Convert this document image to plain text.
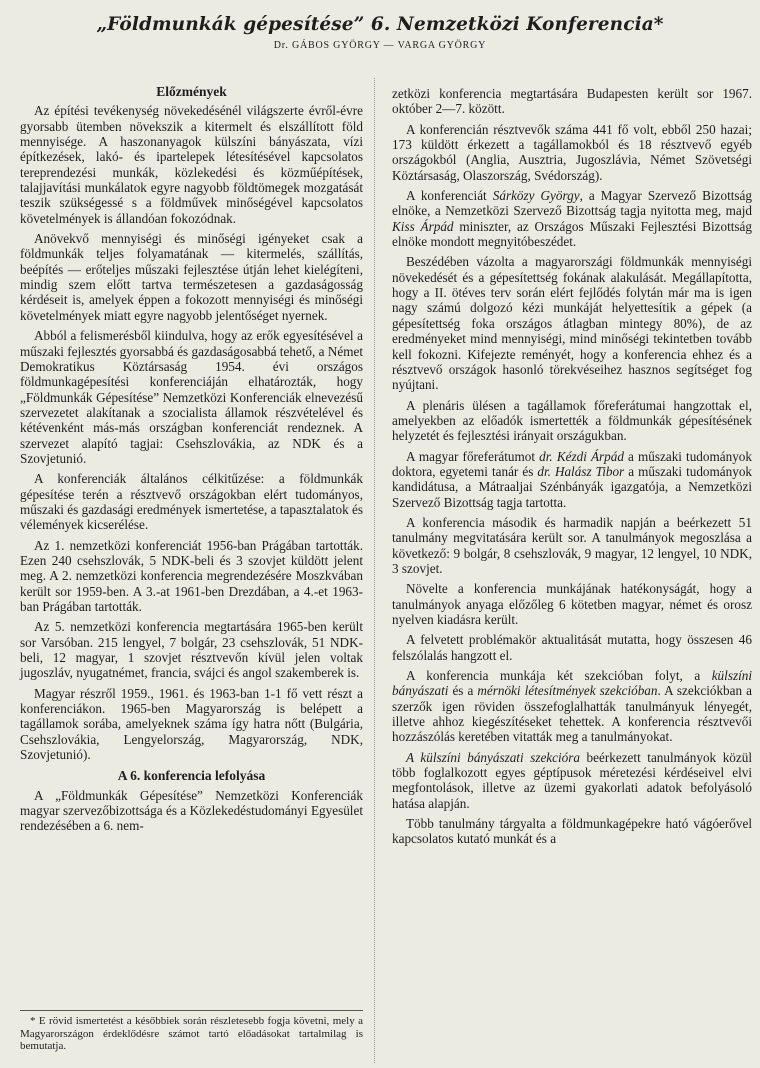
„Földmunkák gépesítése” 6. Nemzetközi Konferencia*
Dr. GÁBOS GYÖRGY — VARGA GYÖRGY
Előzmények

Az építési tevékenység növekedésénél világszerte évről-évre gyorsabb ütemben növekszik a kitermelt és elszállított föld mennyisége. A haszonanyagok külszíni bányászata, vízi építkezések, lakó- és ipartelepek létesítésével kapcsolatos tereprendezési munkák, közlekedési és közműépítések, talajjavítási munkálatok egyre nagyobb földtömegek mozgatását teszik szükségessé s a földművek minőségével kapcsolatos követelmények is állandóan fokozódnak.

Anövekvő mennyiségi és minőségi igényeket csak a földmunkák teljes folyamatának — kitermelés, szállítás, beépítés — erőteljes műszaki fejlesztése útján lehet kielégíteni, mindig szem előtt tartva természetesen a gazdaságosság kérdéseit is, amelyek éppen a fokozott mennyiségi és minőségi követelmények miatt egyre nagyobb jelentőséget nyernek.

Abból a felismerésből kiindulva, hogy az erők egyesítésével a műszaki fejlesztés gyorsabbá és gazdaságosabbá tehető, a Német Demokratikus Köztársaság 1954. évi országos földmunkagépesítési konferenciáján elhatározták, hogy „Földmunkák Gépesítése” Nemzetközi Konferenciák elnevezésű szervezetet alakítanak a szocialista államok részvételével és kétévenként más-más országban konferenciát rendeznek. A szervezet alapító tagjai: Csehszlovákia, az NDK és a Szovjetunió.

A konferenciák általános célkitűzése: a földmunkák gépesítése terén a résztvevő országokban elért tudományos, műszaki és gazdasági eredmények ismertetése, a tapasztalatok és vélemények kicserélése.

Az 1. nemzetközi konferenciát 1956-ban Prágában tartották. Ezen 240 csehszlovák, 5 NDK-beli és 3 szovjet küldött jelent meg. A 2. nemzetközi konferencia megrendezésére Moszkvában került sor 1959-ben. A 3.-at 1961-ben Drezdában, a 4.-et 1963-ban Prágában tartották.

Az 5. nemzetközi konferencia megtartására 1965-ben került sor Varsóban. 215 lengyel, 7 bolgár, 23 csehszlovák, 51 NDK-beli, 12 magyar, 1 szovjet résztvevőn kívül jelen voltak jugoszláv, nyugatnémet, francia, svájci és angol szakemberek is.

Magyar részről 1959., 1961. és 1963-ban 1-1 fő vett részt a konferenciákon. 1965-ben Magyarország is belépett a tagállamok sorába, amelyeknek száma így hatra nőtt (Bulgária, Csehszlovákia, Lengyelország, Magyarország, NDK, Szovjetunió).

A 6. konferencia lefolyása

A „Földmunkák Gépesítése” Nemzetközi Konferenciák magyar szervezőbizottsága és a Közlekedéstudományi Egyesület rendezésében a 6. nem-

* E rövid ismertetést a későbbiek során részletesebb fogja követni, mely a Magyarországon érdeklődésre számot tartó előadásokat tartalmilag is bemutatja.

zetközi konferencia megtartására Budapesten került sor 1967. október 2—7. között.

A konferencián résztvevők száma 441 fő volt, ebből 250 hazai; 173 küldött érkezett a tagállamokból és 18 résztvevő egyéb országokból (Anglia, Ausztria, Jugoszlávia, Német Szövetségi Köztársaság, Olaszország, Svédország).

A konferenciát Sárközy György, a Magyar Szervező Bizottság elnöke, a Nemzetközi Szervező Bizottság tagja nyitotta meg, majd Kiss Árpád miniszter, az Országos Műszaki Fejlesztési Bizottság elnöke mondott megnyitóbeszédet.

Beszédében vázolta a magyarországi földmunkák mennyiségi növekedését és a gépesítettség fokának alakulását. Megállapította, hogy a II. ötéves terv során elért fejlődés folytán már ma is igen nagy számú dolgozó kézi munkáját helyettesítik a gépek (a gépesítettség foka országos átlagban mintegy 80%), de az eredményeket mind mennyiségi, mind minőségi tekintetben tovább kell fokozni. Kifejezte reményét, hogy a konferencia ehhez és a résztvevő országok hasonló törekvéseihez hasznos segítséget fog nyújtani.

A plenáris ülésen a tagállamok főreferátumai hangzottak el, amelyekben az előadók ismertették a földmunkák gépesítésének helyzetét és fejlesztési irányait országukban.

A magyar főreferátumot dr. Kézdi Árpád a műszaki tudományok doktora, egyetemi tanár és dr. Halász Tibor a műszaki tudományok kandidátusa, a Mátraaljai Szénbányák igazgatója, a Nemzetközi Szervező Bizottság tagja tartotta.

A konferencia második és harmadik napján a beérkezett 51 tanulmány megvitatására került sor. A tanulmányok megoszlása a következő: 9 bolgár, 8 csehszlovák, 9 magyar, 12 lengyel, 10 NDK, 3 szovjet.

Növelte a konferencia munkájának hatékonyságát, hogy a tanulmányok anyaga előzőleg 6 kötetben magyar, német és orosz nyelven kiadásra került.

A felvetett problémakör aktualitását mutatta, hogy összesen 46 felszólalás hangzott el.

A konferencia munkája két szekcióban folyt, a külszíni bányászati és a mérnöki létesítmények szekcióban. A szekciókban a szerzők igen röviden összefoglalhatták tanulmányuk lényegét, illetve ahhoz kiegészítéseket tehettek. A konferencia résztvevői hozzászólás keretében vitatták meg a tanulmányokat.

A külszíni bányászati szekcióra beérkezett tanulmányok közül több foglalkozott egyes géptípusok méretezési kérdéseivel elvi megfontolások, illetve az üzemi gyakorlati adatok befolyásoló hatása alapján.

Több tanulmány tárgyalta a földmunkagépekre ható vágóerővel kapcsolatos kutató munkát és a
